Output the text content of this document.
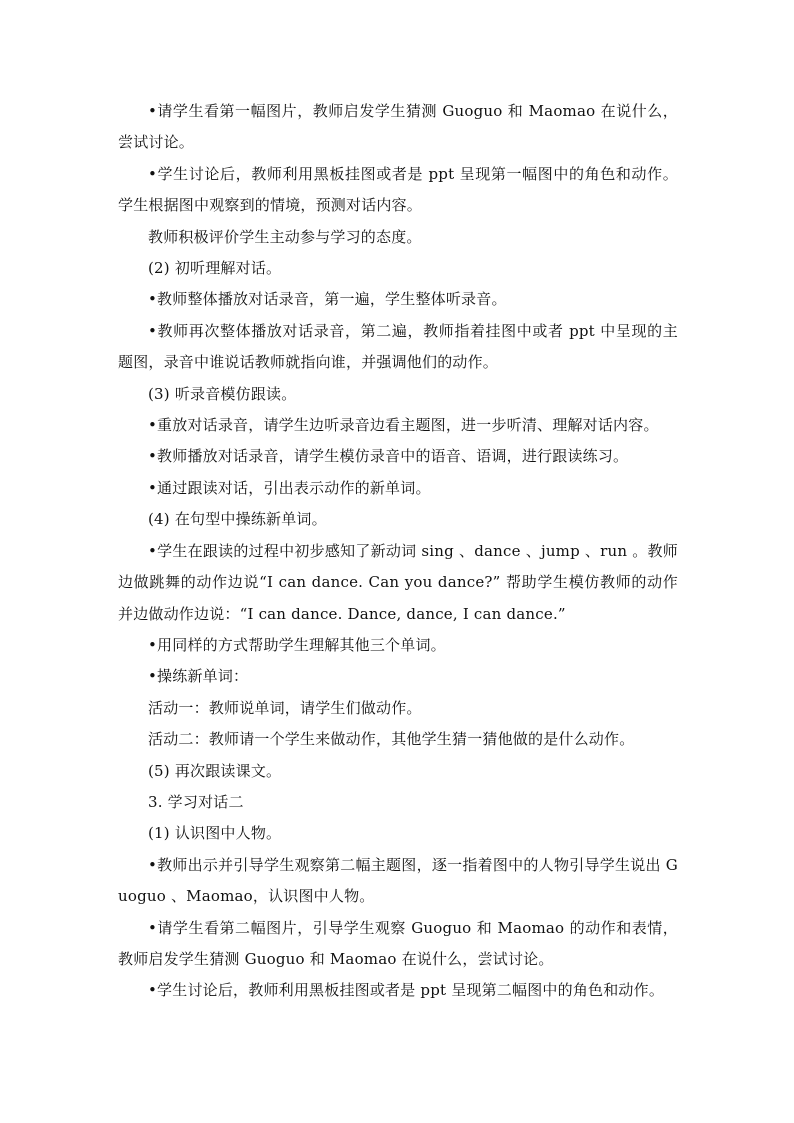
•请学生看第一幅图片，教师启发学生猜测 Guoguo 和 Maomao 在说什么，尝试讨论。
•学生讨论后，教师利用黑板挂图或者是 ppt 呈现第一幅图中的角色和动作。学生根据图中观察到的情境，预测对话内容。
教师积极评价学生主动参与学习的态度。
(2) 初听理解对话。
•教师整体播放对话录音，第一遍，学生整体听录音。
•教师再次整体播放对话录音，第二遍，教师指着挂图中或者 ppt 中呈现的主题图，录音中谁说话教师就指向谁，并强调他们的动作。
(3) 听录音模仿跟读。
•重放对话录音，请学生边听录音边看主题图，进一步听清、理解对话内容。
•教师播放对话录音，请学生模仿录音中的语音、语调，进行跟读练习。
•通过跟读对话，引出表示动作的新单词。
(4) 在句型中操练新单词。
•学生在跟读的过程中初步感知了新动词 sing 、dance 、jump 、run 。教师边做跳舞的动作边说“I can dance. Can you dance?” 帮助学生模仿教师的动作并边做动作边说：“I can dance. Dance, dance, I can dance.”
•用同样的方式帮助学生理解其他三个单词。
•操练新单词：
活动一：教师说单词，请学生们做动作。
活动二：教师请一个学生来做动作，其他学生猜一猜他做的是什么动作。
(5) 再次跟读课文。
3. 学习对话二
(1) 认识图中人物。
•教师出示并引导学生观察第二幅主题图，逐一指着图中的人物引导学生说出 Guoguo 、Maomao，认识图中人物。
•请学生看第二幅图片，引导学生观察 Guoguo 和 Maomao 的动作和表情，教师启发学生猜测 Guoguo 和 Maomao 在说什么，尝试讨论。
•学生讨论后，教师利用黑板挂图或者是 ppt 呈现第二幅图中的角色和动作。
